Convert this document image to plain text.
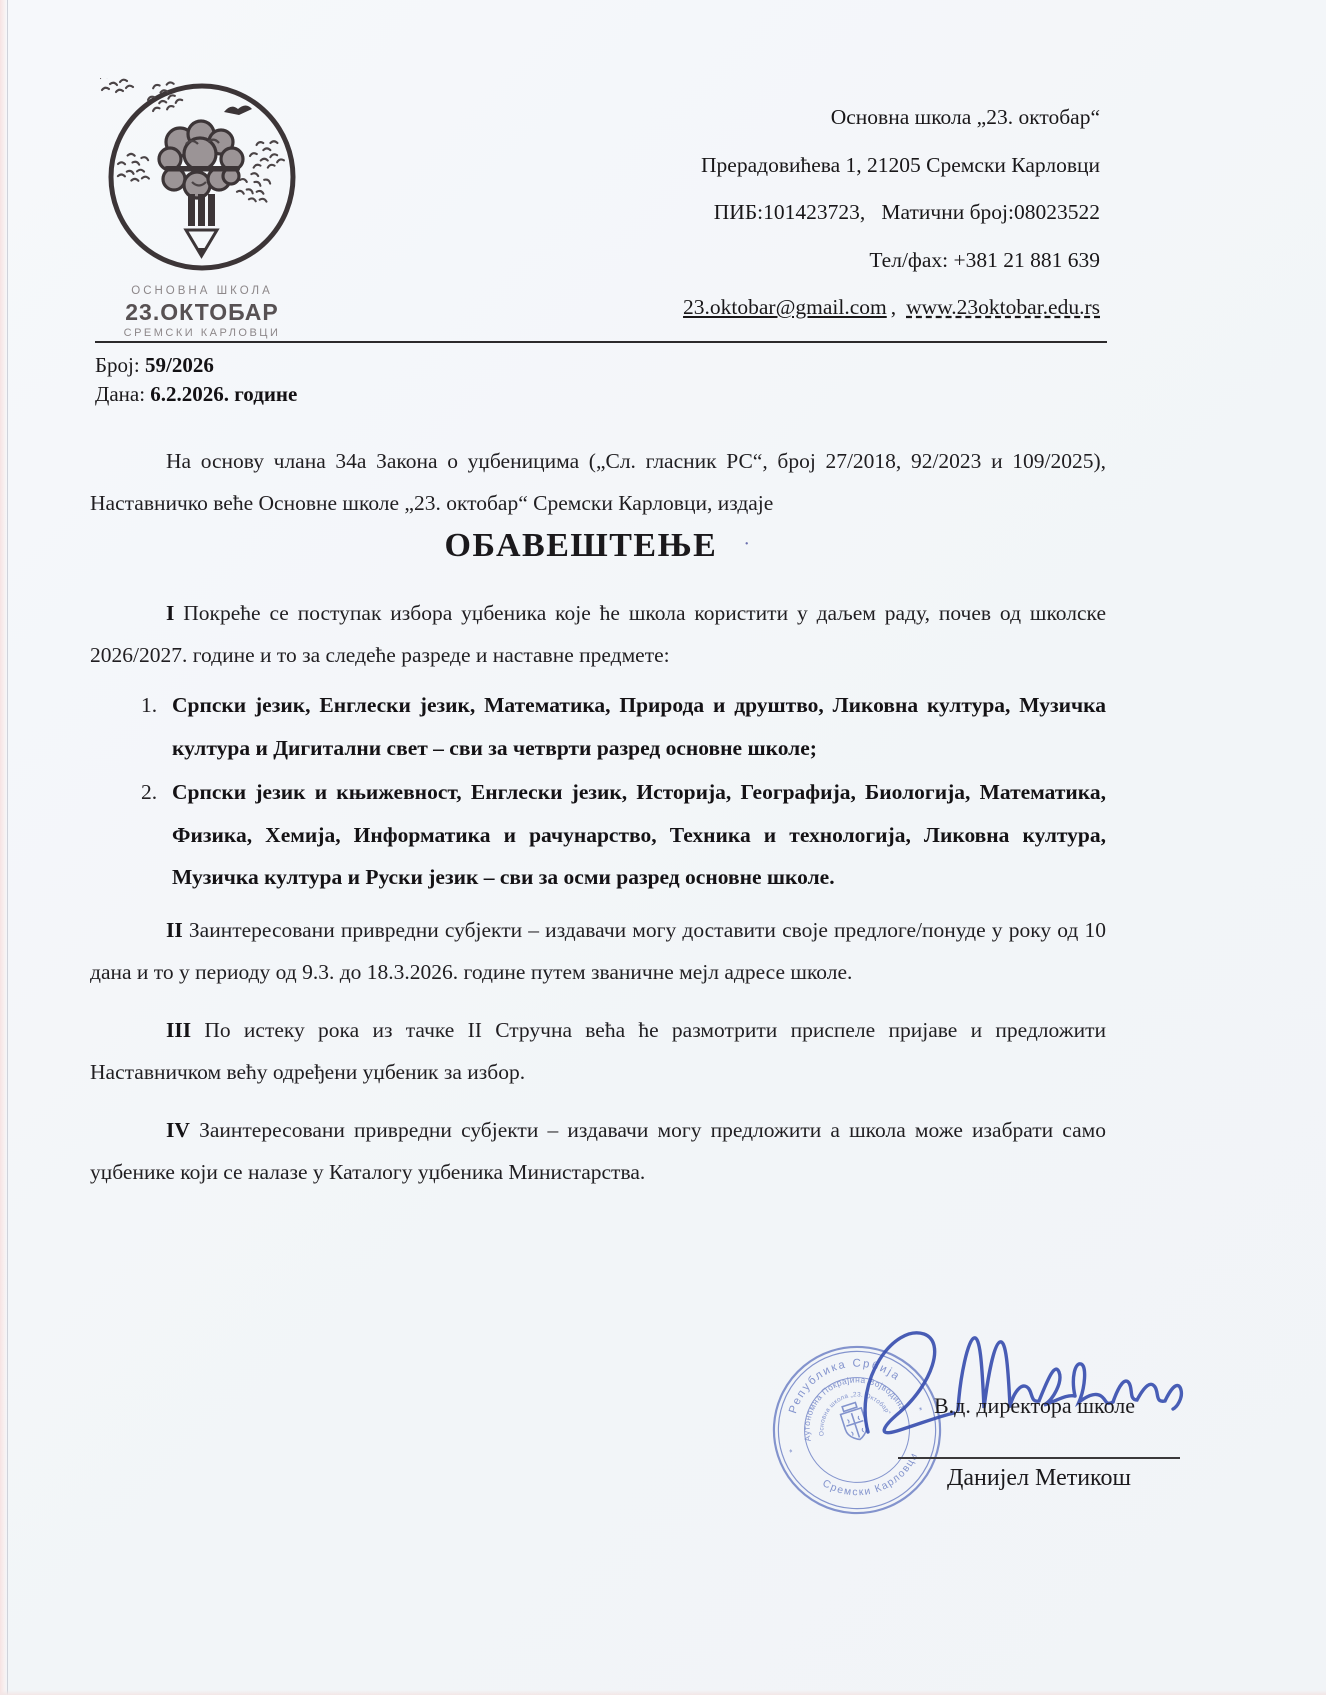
ОСНОВНА ШКОЛА
23.ОКТОБАР
СРЕМСКИ КАРЛОВЦИ
Основна школа „23. октобар“
Прерадовићева 1, 21205 Сремски Карловци
ПИБ:101423723,   Матични број:08023522
Тел/фах: +381 21 881 639
23.oktobar@gmail.com , www.23oktobar.edu.rs
Број: 59/2026
Дана: 6.2.2026. године

На основу члана 34а Закона о уџбеницима („Сл. гласник РС“, број 27/2018, 92/2023 и 109/2025), Наставничко веће Основне школе „23. октобар“ Сремски Карловци, издаје

ОБАВЕШТЕЊЕ ·

I Покреће се поступак избора уџбеника које ће школа користити у даљем раду, почев од школске 2026/2027. године и то за следеће разреде и наставне предмете:

1. Српски језик, Енглески језик, Математика, Природа и друштво, Ликовна култура, Музичка култура и Дигитални свет – сви за четврти разред основне школе;
2. Српски језик и књижевност, Енглески језик, Историја, Географија, Биологија, Математика, Физика, Хемија, Информатика и рачунарство, Техника и технологија, Ликовна култура, Музичка култура и Руски језик – сви за осми разред основне школе.

II Заинтересовани привредни субјекти – издавачи могу доставити своје предлоге/понуде у року од 10 дана и то у периоду од 9.3. до 18.3.2026. године путем званичне мејл адресе школе.

III По истеку рока из тачке II Стручна већа ће размотрити приспеле пријаве и предложити Наставничком већу одређени уџбеник за избор.

IV Заинтересовани привредни субјекти – издавачи могу предложити а школа може изабрати само уџбенике који се налазе у Каталогу уџбеника Министарства.

Република Србија
Аутономна Покрајина Војводина
Основна школа „23. Октобар“
Сремски Карловци
*
* В.д. директора школе
Данијел Метикош
